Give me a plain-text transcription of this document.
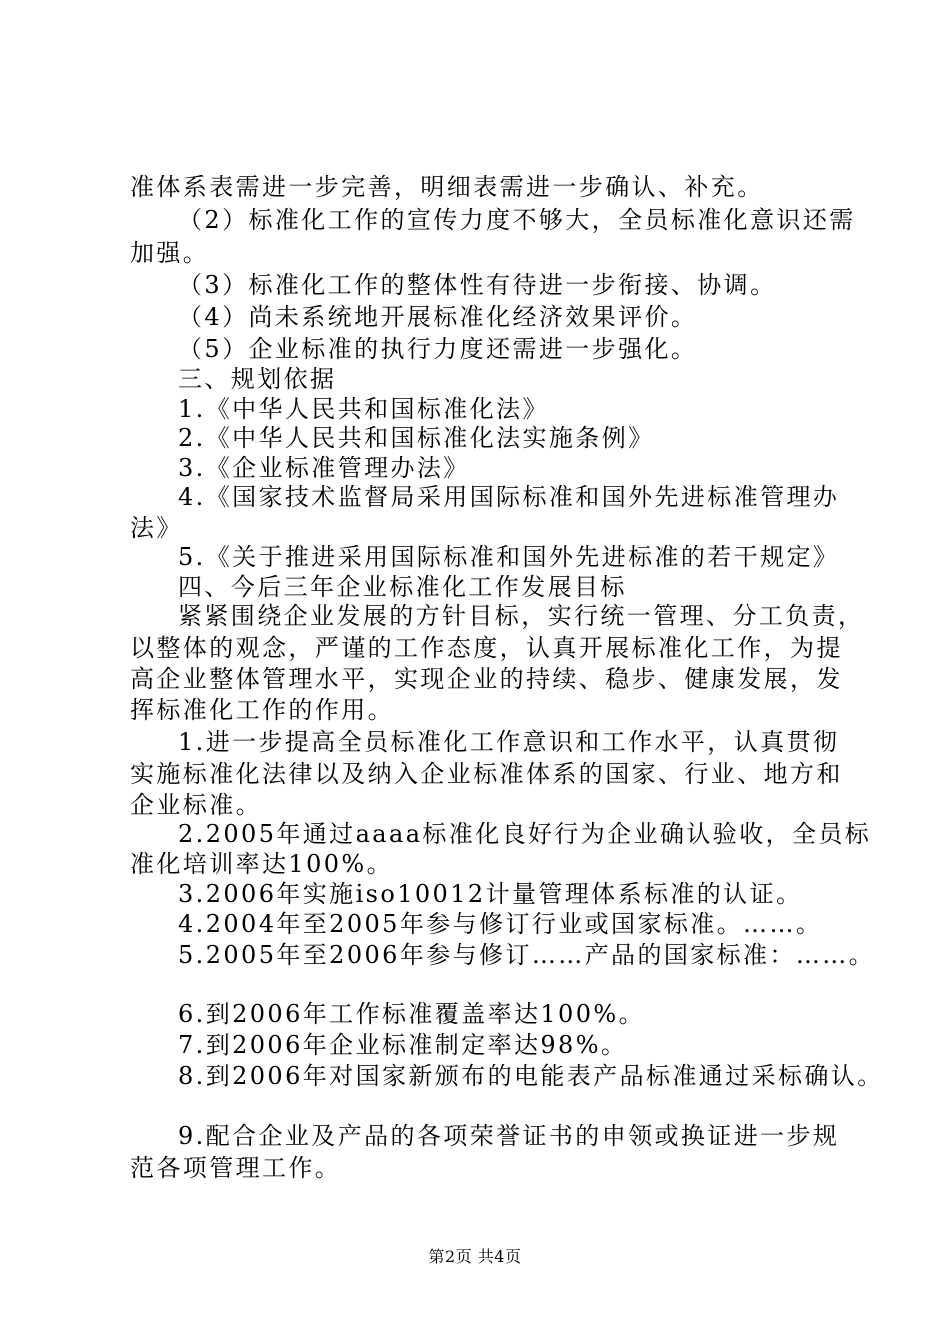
准体系表需进一步完善，明细表需进一步确认、补充。
（2）标准化工作的宣传力度不够大，全员标准化意识还需
加强。
（3）标准化工作的整体性有待进一步衔接、协调。
（4）尚未系统地开展标准化经济效果评价。
（5）企业标准的执行力度还需进一步强化。
三、规划依据
1.《中华人民共和国标准化法》
2.《中华人民共和国标准化法实施条例》
3.《企业标准管理办法》
4.《国家技术监督局采用国际标准和国外先进标准管理办
法》
5.《关于推进采用国际标准和国外先进标准的若干规定》
四、今后三年企业标准化工作发展目标
紧紧围绕企业发展的方针目标，实行统一管理、分工负责，
以整体的观念，严谨的工作态度，认真开展标准化工作，为提
高企业整体管理水平，实现企业的持续、稳步、健康发展，发
挥标准化工作的作用。
1.进一步提高全员标准化工作意识和工作水平，认真贯彻
实施标准化法律以及纳入企业标准体系的国家、行业、地方和
企业标准。
2.2005年通过aaaa标准化良好行为企业确认验收，全员标
准化培训率达100%。
3.2006年实施iso10012计量管理体系标准的认证。
4.2004年至2005年参与修订行业或国家标准。……。
5.2005年至2006年参与修订……产品的国家标准：……。
6.到2006年工作标准覆盖率达100%。
7.到2006年企业标准制定率达98%。
8.到2006年对国家新颁布的电能表产品标准通过采标确认。
9.配合企业及产品的各项荣誉证书的申领或换证进一步规
范各项管理工作。
第2页 共4页
